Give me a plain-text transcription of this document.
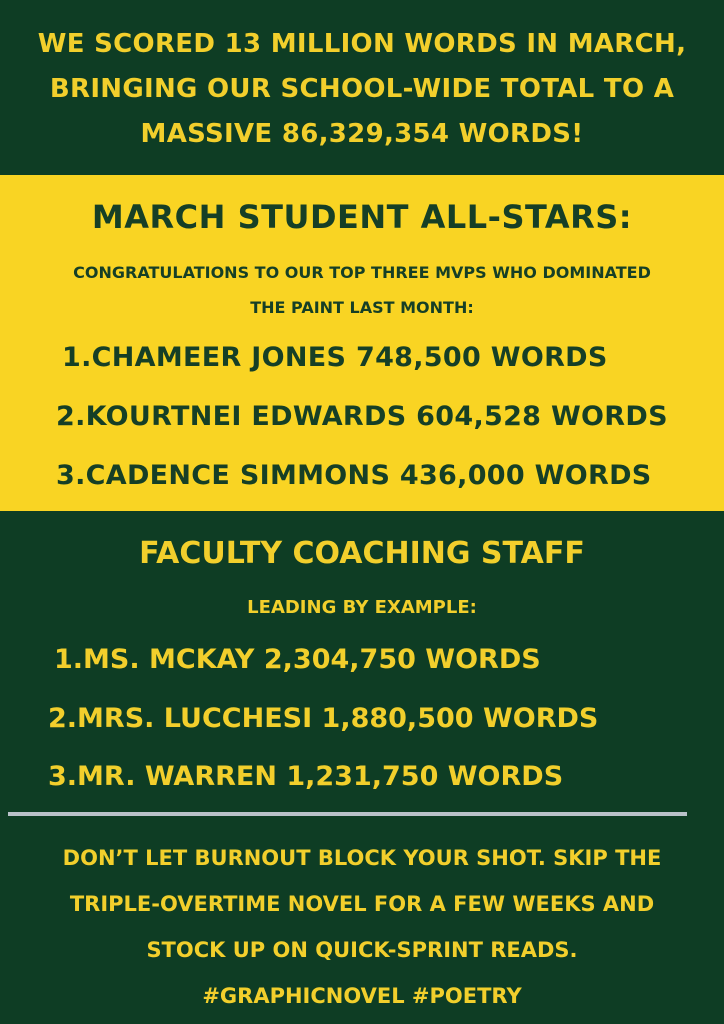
WE SCORED 13 MILLION WORDS IN MARCH,
BRINGING OUR SCHOOL-WIDE TOTAL TO A
MASSIVE 86,329,354 WORDS!
MARCH STUDENT ALL-STARS:
CONGRATULATIONS TO OUR TOP THREE MVPS WHO DOMINATED
THE PAINT LAST MONTH:
1.CHAMEER JONES 748,500 WORDS
2.KOURTNEI EDWARDS 604,528 WORDS
3.CADENCE SIMMONS 436,000 WORDS
FACULTY COACHING STAFF
LEADING BY EXAMPLE:
1.MS. MCKAY 2,304,750 WORDS
2.MRS. LUCCHESI 1,880,500 WORDS
3.MR. WARREN 1,231,750 WORDS
DON’T LET BURNOUT BLOCK YOUR SHOT. SKIP THE
TRIPLE-OVERTIME NOVEL FOR A FEW WEEKS AND
STOCK UP ON QUICK-SPRINT READS.
#GRAPHICNOVEL #POETRY
